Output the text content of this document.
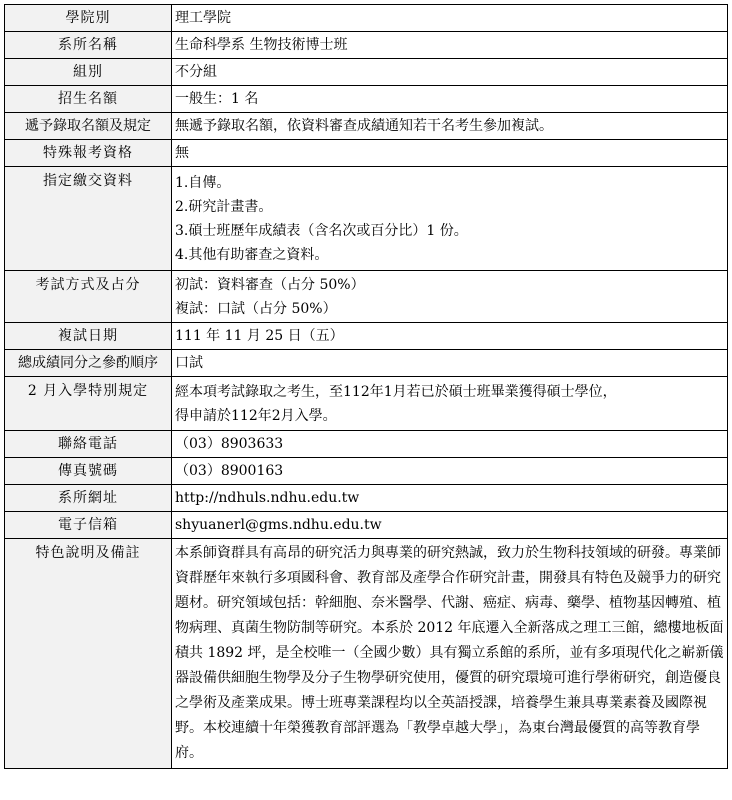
學院別	理工學院
系所名稱	生命科學系 生物技術博士班
組別	不分組
招生名額	一般生：1 名
遞予錄取名額及規定	無遞予錄取名額，依資料審查成績通知若干名考生參加複試。
特殊報考資格	無
指定繳交資料	1.自傳。
2.研究計畫書。
3.碩士班歷年成績表（含名次或百分比）1 份。
4.其他有助審查之資料。

考試方式及占分	初試：資料審查（占分 50%）
複試：口試（占分 50%）

複試日期	111 年 11 月 25 日（五）
總成績同分之參酌順序	口試
2 月入學特別規定	經本項考試錄取之考生，至112年1月若已於碩士班畢業獲得碩士學位，
得申請於112年2月入學。

聯絡電話	（03）8903633
傳真號碼	（03）8900163
系所網址	http://ndhuls.ndhu.edu.tw
電子信箱	shyuanerl@gms.ndhu.edu.tw
特色說明及備註	本系師資群具有高昂的研究活力與專業的研究熱誠，致力於生物科技領域的研發。專業師資群歷年來執行多項國科會、教育部及產學合作研究計畫，開發具有特色及競爭力的研究題材。研究領域包括：幹細胞、奈米醫學、代謝、癌症、病毒、藥學、植物基因轉殖、植物病理、真菌生物防制等研究。本系於 2012 年底遷入全新落成之理工三館，總樓地板面積共 1892 坪，是全校唯一（全國少數）具有獨立系館的系所，並有多項現代化之嶄新儀器設備供細胞生物學及分子生物學研究使用，優質的研究環境可進行學術研究，創造優良之學術及產業成果。博士班專業課程均以全英語授課，培養學生兼具專業素養及國際視野。本校連續十年榮獲教育部評選為「教學卓越大學」，為東台灣最優質的高等教育學府。
